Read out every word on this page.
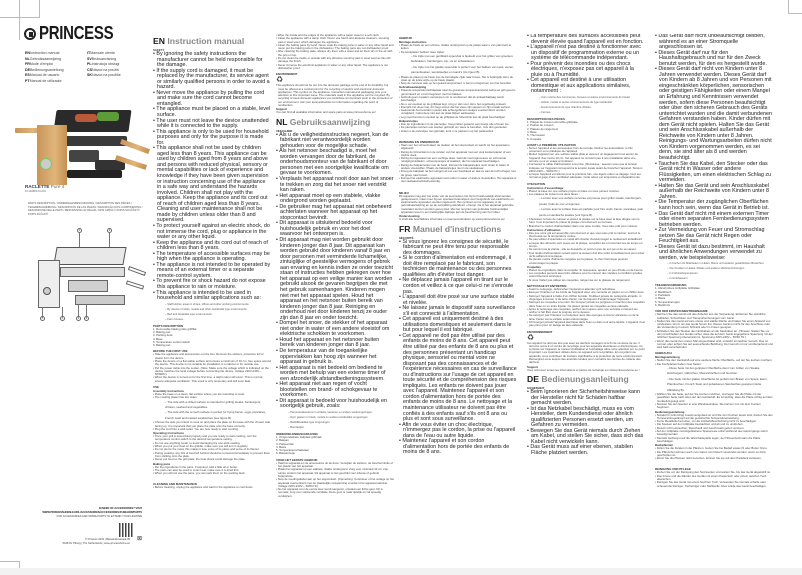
PRINCESS
ENInstruction manual	ITManuale utente
NLGebruiksaanwijzing	SVBruksanvisning
FRMode d'emploi	PLInstrukcja obsługi
DEBedienungsanleitung	CSNávod na použití
ESManual de usuario	SKNávod na použitie
PTManual de utilizador
RACLETTE Pure 4
01.162850.01.001
PARTS DESCRIPTION / ONDERDELENBESCHRIJVING / DESCRIPTION DES PIÈCES / TEILEBESCHREIBUNG / DESCRIPCIÓN DE LAS PIEZAS / DESCRIÇÃO DOS COMPONENTES / DESCRIZIONE DELLE PARTI / BESKRIVNING AV DELAR / OPIS CZĘŚCI / POPIS SOUČÁSTÍ / POPIS SÚČASTÍ
1	2
5	4	3	6
IN NEED OF ACCESSORIES? VISIT
WWW.PRINCESSHOME.EU/NL/ACCESSOIRES/ACCESSORIES/ZUBEHÖR/PARTS
FOR ACCESSORIES AND SPARE PARTS TO EXTEND YOUR LIFETIME
© Princess 2022 | Bassandersstraat 95
5048 AV Tilburg | The Netherlands | www.princesshome.eu
⊠
EN Instruction manual
SAFETY
• By ignoring the safety instructions the manufacturer cannot be held responsible for the damage.
• If the supply cord is damaged, it must be replaced by the manufacturer, its service agent or similarly qualified persons in order to avoid a hazard.
• Never move the appliance by pulling the cord and make sure the cord cannot become entangled.
• The appliance must be placed on a stable, level surface.
• The user must not leave the device unattended while it is connected to the supply.
• This appliance is only to be used for household purposes and only for the purpose it is made for.
• This appliance shall not be used by children aged less than 8 years. This appliance can be used by children aged from 8 years and above and persons with reduced physical, sensory or mental capabilities or lack of experience and knowledge if they have been given supervision or instruction concerning use of the appliance in a safe way and understand the hazards involved. Children shall not play with the appliance. Keep the appliance and its cord out of reach of children aged less than 8 years. Cleaning and user maintenance shall not be made by children unless older than 8 and supervised.
• To protect yourself against an electric shock, do not immerse the cord, plug or appliance in the water or any other liquid.
• Keep the appliance and its cord out of reach of children less than 8 years.
• The temperature of accessible surfaces may be high when the appliance is operating.
• The appliance is not intended to be operated by means of an external timer or a separate remote-control system.
• To prevent fire or shock hazard do not expose this appliance to rain or moisture.
• This appliance is intended to be used in household and similar applications such as:
– Staff kitchen areas in shops, offices and other working environments.
– By clients in hotels, motels and other residential type environments.
– Bed and breakfast type environments.
– Farm houses.
PARTS DESCRIPTION
1. Removable baking plate grill/flat
2. Baking pan
3. Parking deck
4. Base
5. Temperature control switch
6. Baking pan
BEFORE THE FIRST USE
• Take the appliance and accessories out the box. Remove the stickers, protective foil or plastic from the device.
• Place the device on a flat stable surface and ensure a minimum of 10 cm. free space around the device. This device is not suitable for installation in a cabinet or for outside use.
• Put the power cable into the socket. (Note: Make sure the voltage which is indicated on the device matches the local voltage before connecting the device. Voltage 220V-240V~, 50/60Hz).
• When the device is turned on for the first time, a slight odour will occur. This is normal, ensure adequate ventilation. This smell is only temporary and will soon fade.
USE
Assembly instructions
• Place the base on a clean, flat surface where you are intending to cook.
• The cooking plates has two sides:
– The side with a ribbed surface is intended for grilling steaks, hamburgers, chicken, seafood and vegetables.
– The side with the smooth surface is perfect for frying bacon, eggs, pancakes, French toast and toasted sandwiches (see figure B).
• Choose the side you intend to cook on and place the plate on the base with the chosen side facing up. It is important that you place the plate onto the base correctly.
• Plug the cord into a wall outlet. You are now ready to start cooking.
Operating instructions
• Once your grill is assembled properly and you are ready to start cooking, turn the temperature control switch to the desired temperature setting.
• Do not use anything metal, to avoid damaging the non-stick coating.
• When you put your food on the griddle, make sure you will turn it regularly.
• Do not pierce the meat; this makes it lose some of its juices and some of its flavour.
• During cooking, any bits of food left behind should be removed immediately to prevent them from sticking onto the plate.
• Never put food on the grill plate, the heat shock could damage the plate.
Baking pans
• Put the ingredients in the pans. If required, add a little oil or butter.
• The pans can also be used to cook meat, make sure it is dried thin.
• When you will not use the pans, you can park them on the parking deck.
CLEANING AND MAINTENANCE
• Before cleaning, unplug the appliance and wait for the appliance to cool down.
• Wipe the inside and the edges of the appliance with a paper towel or a soft cloth.
• Clean the appliance with a damp cloth. Never use harsh and abrasive cleaners, scouring pad or steel wool, which damages the appliance.
• Clean the baking pans by hand. Never soak the baking pans in water or any other liquid and never put the baking pans in the dishwasher. The baking pans are not dishwasher proof.
• After cleaning the baking plate, always dry them with a towel and let them dry in the air with the grip on top.
• Do not clean the inside or outside with any abrasive scouring pad or steel wool as this will damage the finish.
• Never immerse the electrical appliance in water or any other liquid. The appliance is not dishwasher proof.
ENVIRONMENT
♻
This appliance should not be put into the domestic garbage at the end of its durability, but must be offered at a central point for the recycling of electric and electronic domestic appliances. This symbol on the appliance, instruction manual and packaging puts your attention to this important issue. The materials used in this appliance can be recycled. By recycling of used domestic appliances you contribute an important push to the protection of our environment. Ask your local authorities for information regarding the point of recollection.
Support
You can find all available information and spare parts at www.princesshome.eu!
NL Gebruiksaanwijzing
VEILIGHEID
• Als u de veiligheidsinstructies negeert, kan de fabrikant niet verantwoordelijk worden gehouden voor de mogelijke schade.
• Als het netsnoer beschadigd is, moet het worden vervangen door de fabrikant, de onderhoudsmonteur van de fabrikant of door personen met een soortgelijke kwalificatie om gevaar te voorkomen.
• Verplaats het apparaat nooit door aan het snoer te trekken en zorg dat het snoer niet verstrikt kan raken.
• Het apparaat moet op een stabiele, vlakke ondergrond worden geplaatst.
• De gebruiker mag het apparaat niet onbeheerd achterlaten wanneer het apparaat op het stopcontact bevindt.
• Dit apparaat is uitsluitend bedoeld voor huishoudelijk gebruik en voor het doel waarvoor het ontworpen is.
• Dit apparaat mag niet worden gebruikt door kinderen jonger dan 8 jaar. Dit apparaat kan worden gebruikt door kinderen vanaf 8 jaar en door personen met verminderde lichamelijke, zintuiglijke of geestelijke vermogens of gebrek aan ervaring en kennis indien ze onder toezicht staan of instructies hebben gekregen over hoe het apparaat op een veilige manier kan worden gebruikt alsook de gevaren begrijpen die met het gebruik samenhangen. Kinderen mogen niet met het apparaat spelen. Houd het apparaat en het netsnoer buiten bereik van kinderen jonger dan 8 jaar. Reiniging en onderhoud niet door kinderen tenzij ze ouder zijn dan 8 jaar en onder toezicht.
• Dompel het snoer, de stekker of het apparaat niet onder in water of een andere vloeistof om elektrische schokken te voorkomen.
• Houd het apparaat en het netsnoer buiten bereik van kinderen jonger dan 8 jaar.
• De temperatuur van de toegankelijke oppervlakken kan hoog zijn wanneer het apparaat in gebruik is.
• Het apparaat is niet bedoeld om bediend te worden met behulp van een externe timer of een afzonderlijk afstandbedieningssysteem.
• Het apparaat niet aan regen of vocht blootstellen om brand- of schokgevaar te voorkomen.
• Dit apparaat is bedoeld voor huishoudelijk en soortgelijk gebruik, zoals:
– Personeelskeukens in winkels, kantoren en andere werkomgevingen.
– Door gasten in hotels, motels en andere residentiële omgevingen.
– Bed&Breakfast-type omgevingen.
– Boerderijen.
ONDERDELENBESCHRIJVING
1. Ontgrendelbare bakplaat grill/vlak
2. Bakpan
3. Parkeerdek
4. Basis
5. Temperatuurschakelaar
6. Bakpannetje
VOOR HET EERSTE GEBRUIK
• Haal het apparaat en de accessoires uit de doos. Verwijder de stickers, de beschermfolie of het plastic van het apparaat.
• Plaats het apparaat op een stabiele, vlakke ondergrond. Zorg voor minimaal 10 cm vrije ruimte rondom het apparaat. Dit apparaat is niet geschikt voor inbouw of gebruik buitenshuis.
• Stop de voedingskabel aan op het stopcontact. (Opmerking: Controleer of het voltage op het apparaat overeenkomt met de plaatselijke netspanning voordat u het apparaat aansluit. Voltage 220V-240V~, 50/60 Hz).
• Als het apparaat voor de eerste keer wordt aangezet, ontstaat een lichte geur. Dit is normaal, zorg voor voldoende ventilatie. Deze geur is maar tijdelijk en zal spoedig verdwijnen.
GEBRUIK
Montage-instructies
• Plaats de basis op een schone, vlakke ondergrond op de plaats waar u van plan bent te koken.
• De kookplaten hebben twee zijden:
– De zijde met een geribbeld oppervlak is bedoeld voor het grillen van groenten, biefstukken, hamburgers, kip, vis en schaaldieren.
– De zijde met het gladde oppervlak is perfect voor het bakken van spek, eieren, pannenkoeken, wentelteefjes en toasti's (zie figuur B).
• Plaats de plaat op de basis met de benodigde zijde naar boven. Het is belangrijk dat u de plaat op de juiste wijze op de basis plaatst.
• Stop de netsnoer aan op het geaard stopcontact. U bent nu begonnen met het bereiden.
Gebruiksaanwijzing
• Draai de temperatuurschakelaar naar de gewenste temperatuurstand zodra uw grill goed is gemonteerd en u kunt beginnen met het bakken.
• Gebruik geen metalen voorwerpen om te voorkomen dat de antiaanbaklaag wordt beschadigd.
• Als u uw voedsel op de grillplaat legt, zorg er dan voor dat u het regelmatig omkeert.
• Doorprik het vlees niet; dit zorgt ervoor dat het vlees zijn sappen en zijn smaak verliest.
• Gedurende het bereiden moeten alle achtergebleven stukjes voedsel direct worden verwijderd, zodat deze niet aan de plaat blijven aankoeken.
• Leg nooit bevroren voedsel op de grillplaat de hitteschok kan de plaat beschadigen.
Bakpannetjes
• Doe de ingrediënten in de pannetjes. Voeg indien gewenst een beetje olie of boter toe.
• De pannetjes kunnen ook worden gebruikt om vlees te bereiden, mits dun gesneden.
• Indien u de pannetjes niet gebruikt, kunt u ze parkeren op het parkeerdek.
REINIGING EN ONDERHOUD
• Haal voor het schoonmaken de stekker uit het stopcontact en wacht tot het apparaat is afgekoeld.
• Reinig de binnenkant en de randen van het apparaat met een stuk keukenpapier of een zachte doek.
• Reinig het apparaat met een vochtige doek. Gebruik nooit agressieve en schurende reinigingsmiddelen, schuursponsjes of staalwol, die het apparaat beschadigen.
• Reinig de bakpannetjes met de hand. Dompel de bakpannetjes nooit onder in water of andere vloeistoffen. Plaats de bakpannetjes niet in de vaatwasser.
• Droog de bakplaat na het reinigen af met een handdoek en laat ze aan de lucht drogen met de greep naar boven.
• Dompel het elektrische apparaat nooit onder in water of andere vloeistoffen. Het apparaat is niet vaatwasmachinebestendig.
MILIEU
Dit apparaat mag aan het einde van de levensduur niet bij het huishoudelijk afval worden gedeponeerd, maar moet bij een speciaal inzamelpunt voor hergebruik van elektrische en elektronische apparaten worden ingeleverd. Het symbool op het apparaat, in de gebruiksaanwijzing en op de verpakking attendeert u hierop. De in het apparaat gebruikte materialen kunnen worden gerecycled. Met het recyclen van gebruikte huishoudelijke apparaten levert u een belangrijke bijdrage aan de bescherming van het milieu.
Ondersteuning
U vindt alle beschikbare informatie en reserveonderdelen op www.princesshome.eu!
FR Manuel d'instructions
SÉCURITÉ
• Si vous ignorez les consignes de sécurité, le fabricant ne peut être tenu pour responsable des dommages.
• Si le cordon d'alimentation est endommagé, il doit être remplacé par le fabricant, son technicien de maintenance ou des personnes qualifiées afin d'éviter tout danger.
• Ne déplacez jamais l'appareil en tirant sur le cordon et veillez à ce que celui-ci ne s'enroule pas.
• L'appareil doit être posé sur une surface stable et nivelée.
• Ne laissez jamais le dispositif sans surveillance s'il est connecté à l'alimentation.
• Cet appareil est uniquement destiné à des utilisations domestiques et seulement dans le but pour lequel il est fabriqué.
• Cet appareil ne doit pas être utilisé par des enfants de moins de 8 ans. Cet appareil peut être utilisé par des enfants de 8 ans ou plus et des personnes présentant un handicap physique, sensoriel ou mental voire ne disposant pas des connaissances et de l'expérience nécessaires en cas de surveillance ou d'instructions sur l'usage de cet appareil en toute sécurité et de compréhension des risques impliqués. Les enfants ne doivent pas jouer avec l'appareil. Maintenez l'appareil et son cordon d'alimentation hors de portée des enfants de moins de 8 ans. Le nettoyage et la maintenance utilisateur ne doivent pas être confiés à des enfants sauf s'ils ont 8 ans ou plus et sont sous surveillance.
• Afin de vous éviter un choc électrique, n'immergez pas le cordon, la prise ou l'appareil dans de l'eau ou autre liquide.
• Maintenez l'appareil et son cordon d'alimentation hors de portée des enfants de moins de 8 ans.
• La température des surfaces accessibles peut devenir élevée quand l'appareil est en fonction.
• L'appareil n'est pas destiné à fonctionner avec un dispositif de programmation externe ou un système de télécommande indépendant.
• Pour prévenir des incendies ou des chocs électriques, n'exposez pas cet appareil à la pluie ou à l'humidité.
• Cet appareil est destiné à une utilisation domestique et aux applications similaires, notamment :
– Coin cuisine des commerces, bureaux et autres environnements de travail.
– Hôtels, motels et autres environnements de type résidentiel.
– Environnements de type chambre d'hôtes.
– Fermes.
DESCRIPTION DES PIÈCES
1. Plaque de cuisson amovible grill/plate
2. Poêlon de cuisson
3. Plateau de rangement
4. Base
5. Thermostat
6. Coupelle
AVANT LA PREMIÈRE UTILISATION
• Sortez l'appareil et les accessoires hors de la boîte. Retirez les autocollants, le film protecteur ou le plastique de l'appareil.
• Mettez l'appareil sur une surface stable plate et assurez un dégagement tout autour de l'appareil d'au moins 10 cm. Cet appareil ne convient pas à une installation dans une armoire ou à un usage à l'extérieur.
• Connectez le câble d'alimentation à la prise. (Remarque : assurez-vous que la tension indiquée sur l'appareil correspond à la tension locale avant de brancher l'appareil. Tension 220V-240V~, 50/60 Hz.)
• Lorsque l'appareil est allumé pour la première fois, une légère odeur se dégage. Ceci est normal et gage d'une ventilation adéquate. Cette odeur est temporaire et disparaîtra vite.
UTILISATION
Instructions d'assemblage
• Placez la base sur une surface propre et plane où vous pensez cuisiner.
• Les plaques de cuisson ont deux faces :
– La face avec une surface nervurée est prévue pour griller steaks, hamburgers, poulet, fruits de mer et légumes.
– La face avec la surface lisse est parfaite pour frire œufs, bacon, pancakes, pain perdu et sandwichs toastés (voir figure B).
• Choisissez la face de cuisson et placez la plaque sur la base avec la face dirigée vers le haut. Il est important de placer la plaque correctement sur la base.
• Branchez le cordon d'alimentation dans une prise murale. Vous êtes prêt pour cuisiner.
Instructions d'utilisation
• Dès que votre gril est assemblé correctement et que vous êtes prêt à cuisiner, tournez le thermostat sur la température voulue.
• Ne pas utiliser d'ustensiles en métal afin d'éviter d'endommager le revêtement antiadhésif.
• Lorsque des aliments sont posés sur la plaque, surveillez-les et retournez-les de temps en temps.
• Ne percez pas la viande ; elle se dessèche et perd un peu de son jus et de sa saveur.
• Tout résidu d'alimentation restant après la cuisson doit être retiré immédiatement pour éviter qu'ils adhèrent à la plaque.
• Ne jamais mettre d'aliments congelés sur la plaque, le choc thermique pourrait endommager la plaque.
Coupelles
• Placez les ingrédients dans la coupelle. Si nécessaire, ajoutez un peu d'huile ou de beurre.
• Les coupelles peuvent aussi être utilisées pour la cuisson des viandes à condition qu'elles soient finement émincées.
• Si vous n'allez pas utiliser les coupelles, rangez-les sur le plateau de rangement.
NETTOYAGE ET ENTRETIEN
• Avant le nettoyage, débranchez l'appareil et attendez qu'il refroidisse.
• Essuyez l'intérieur et les bords de l'appareil avec une serviette en papier ou un chiffon doux.
• Nettoyez l'appareil à l'aide d'un chiffon humide. N'utilisez jamais de nettoyants abrasifs, ni d'éponges à récurer ni de laine d'acier, car ils risquent d'endommager l'appareil.
• Nettoyez les coupelles à la main. Ne trempez jamais les poignées en bambou des coupelles dans l'eau ou un autre liquide. Ne placez jamais les coupelles au lave-vaisselle.
• Après le nettoyage des coupelles, séchez-les toujours avec une serviette et laissez-les sécher à l'air libre avec la poignée sur le dessus.
• Ne nettoyez pas l'intérieur ou l'extérieur avec des éponges à récurer abrasives ou de la laine d'acier car la surface serait endommagée.
• N'immergez jamais l'appareil électrique dans l'eau ou dans tout autre liquide. L'appareil n'est pas prévu pour un lavage au lave-vaisselle.
ENVIRONNEMENT
♻
Cet appareil ne doit pas être jeté avec les déchets ménagers à la fin de sa durée de vie, il doit être remis à un centre de recyclage pour les appareils électriques et électroniques. Ce symbole sur l'appareil, le manuel d'utilisation et l'emballage attire votre attention sur ce point important. Les matériaux utilisés dans cet appareil sont recyclables. En recyclant vos appareils, vous contribuez de manière significative à la protection de notre environnement. Renseignez-vous auprès des autorités locales pour connaître les centres de collecte des déchets.
Support
Vous retrouvez toutes les informations et pièces de rechange sur www.princesshome.eu !
DE Bedienungsanleitung
SICHERHEIT
• Beim Ignorieren der Sicherheitshinweise kann der Hersteller nicht für Schäden haftbar gemacht werden.
• Ist das Netzkabel beschädigt, muss es vom Hersteller, dem Kundendienst oder ähnlich qualifizierten Personen ersetzt werden, um Gefahren zu vermeiden.
• Bewegen Sie das Gerät niemals durch Ziehen am Kabel, und stellen Sie sicher, dass sich das Kabel nicht verwickeln kann.
• Das Gerät muss auf einer ebenen, stabilen Fläche platziert werden.
• Das Gerät darf nicht unbeaufsichtigt bleiben, während es an einer Stromquelle angeschlossen ist.
• Dieses Gerät darf nur für den Haushaltsgebrauch und nur für den Zweck benutzt werden, für den es hergestellt wurde.
• Dieses Gerät darf nicht von Kindern unter 8 Jahren verwendet werden. Dieses Gerät darf von Kindern ab 8 Jahren und von Personen mit eingeschränkten körperlichen, sensorischen oder geistigen Fähigkeiten oder einem Mangel an Erfahrung und Kenntnissen verwendet werden, sofern diese Personen beaufsichtigt oder über den sicheren Gebrauch des Geräts unterrichtet wurden und die damit verbundenen Gefahren verstanden haben. Kinder dürfen mit dem Gerät nicht spielen. Halten Sie das Gerät und sein Anschlusskabel außerhalb der Reichweite von Kindern unter 8 Jahren. Reinigungs- und Wartungsarbeiten dürfen nicht von Kindern vorgenommen werden, es sei denn, sie sind älter als 8 und werden beaufsichtigt.
• Tauchen Sie das Kabel, den Stecker oder das Gerät nicht in Wasser oder andere Flüssigkeiten, um einen elektrischen Schlag zu vermeiden.
• Halten Sie das Gerät und sein Anschlusskabel außerhalb der Reichweite von Kindern unter 8 Jahren.
• Die Temperatur der zugänglichen Oberflächen kann hoch sein, wenn das Gerät in Betrieb ist.
• Das Gerät darf nicht mit einem externen Timer oder einem separaten Fernbedienungssystem betrieben werden.
• Zur Vermeidung von Feuer und Stromschlag setzen Sie das Gerät nicht Regen oder Feuchtigkeit aus.
• Dieses Gerät ist dazu bestimmt, im Haushalt und ähnlichen Anwendungen verwendet zu werden, wie beispielsweise:
– In Küchen für Mitarbeiter in Läden, Büros und anderen gewerblichen Bereichen.
– Von Kunden in Hotels, Motels und anderen Wohneinrichtungen.
– In Frühstückspensionen.
– In Gutshäusern.
TEILEBESCHREIBUNG
1. Abnehmbare Grillplatte Grill/plate
2. Backblech
3. Parkdeck
4. Basis
5. Temperaturregler
6. Backform
VOR DER ERSTEN INBETRIEBNAHME
• Nehmen Sie das Gerät und das Zubehör aus der Verpackung. Entfernen Sie sämtliche Aufkleber, Schutzfolien und Transportsicherungen vom Gerät.
• Stellen Sie das Gerät auf eine ebene und stabile Fläche und halten Sie einen Abstand von mindestens 10 cm um das Gerät herum frei. Dieses Gerät ist nicht für den Anschluss oder die Verwendung in einem Schrank oder im Freien geeignet.
• Schließen Sie den Stecker des Netzkabels an die Steckdose an. (Hinweis: Stellen Sie vor dem Anschließen des Geräts sicher, dass die auf dem Gerät angegebene Spannung mit der örtlichen Spannung übereinstimmt. Spannung 220V-240V~, 50/60 Hz.)
• Wenn das Gerät zum ersten Mal eingeschaltet wird, entsteht ein leichter Geruch. Das ist normal, aber achten Sie auf ausreichende Belüftung. Der Geruch ist nur vorübergehend und wird bald verschwinden.
GEBRAUCH
Montageanleitung
• Stellen Sie den Gerätefuß auf eine saubere flache Oberfläche, auf der Sie kochen möchten.
• Die Kochplatten haben zwei Seiten:
– Diese Seite mit der gerippten Oberfläche dient zum Grillen von Steaks, Hamburgern, Hähnchen, Meeresfrüchten und Gemüse.
– Die Seite mit der glatten Oberfläche ist perfekt zum Braten von Speck, Eiern, Pfannkuchen, French Toast und gebackenen Sandwiches geeignet (siehe Abbildung B).
• Wählen Sie die Seite, auf der Sie kochen möchten, und legen Sie die Platte mit der gewählten Seite nach oben auf den Gerätefuß. Es ist wichtig, dass die Platte richtig auf dem Gerätefuß gelegt wird.
• Stecken Sie den Stecker in eine Wandsteckdose. Sie können nun mit dem Kochen beginnen.
Bedienungsanleitung
• Sobald Ihr Grill richtig zusammengebaut ist und Sie zum Kochen bereit sind, drehen Sie den Temperaturregelknopf auf die gewünschte Temperatureinstellung.
• Keine Metallteile benutzen, um die Antihaft-Beschichtung nicht zu beschädigen.
• Die Speisen auf der Grillplatte beobachten und ab und zu umdrehen.
• Fleisch nicht einstechen; Fleischsaft und Geschmack gehen verloren.
• Auf der Grillplatte zurückgebliebene Speisereste sofort während des Garvorgangs sofort beseitigt werden.
• Niemals Gefriergut auf die Warmhalteplatte legen, der Hitzeschock kann die Platte beschädigen.
Backpfannen
• Füllen Sie die Zutaten in die Pfannen. Geben Sie bei Bedarf etwas Öl oder Butter hinzu.
• Die Pfännchen können auch zum Garen von Fleisch verwendet werden, wenn es dünn geschnitten ist.
• Wenn Sie die Pfannen nicht benutzen, können Sie sie auf dem Parkdeck ventauen.
REINIGUNG UND PFLEGE
• Ziehen Sie vor der Reinigung den Netzstecker und warten Sie, bis das Gerät abgekühlt ist.
• Das Innere und die Ränder des Geräts mit einem Papiertuch oder einem weichen Tuch abwischen.
• Reinigen Sie das Gerät mit einem feuchten Tuch. Verwenden Sie niemals scharfe oder scheuernde Reiniger, Topfreiniger oder Stahlwolle. Dies würde das Gerät beschädigen.
